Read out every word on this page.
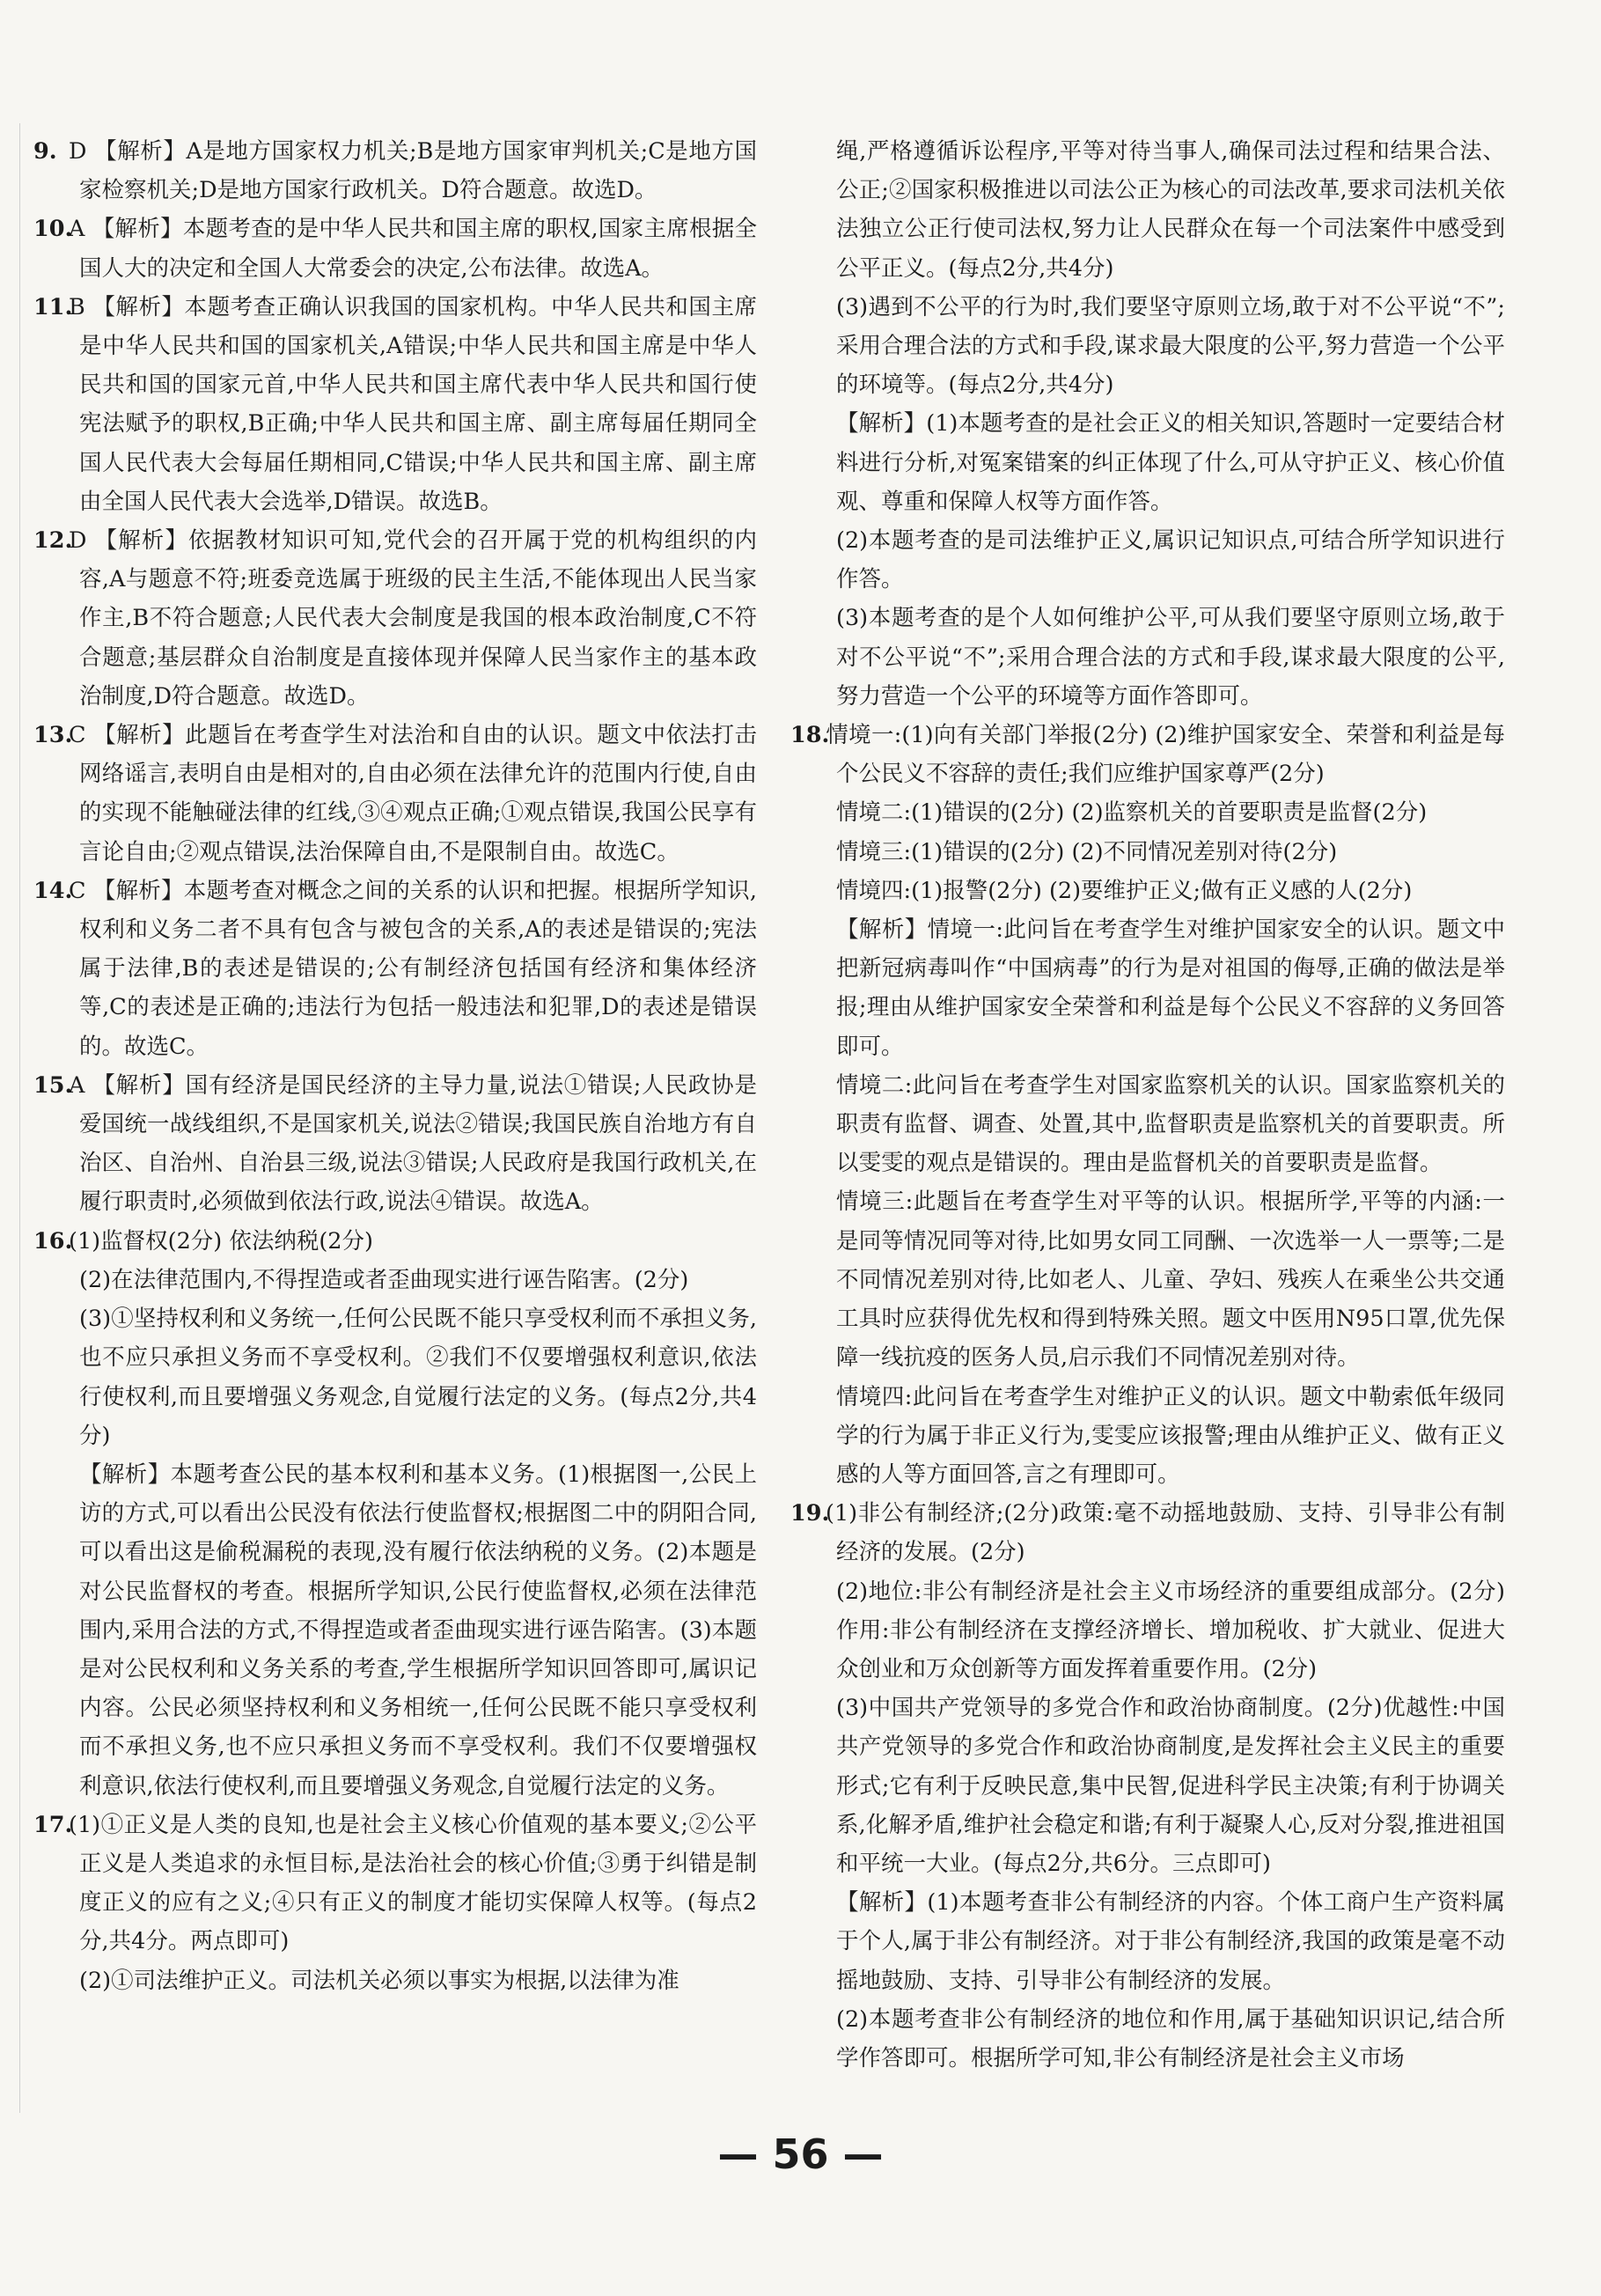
9. D 【解析】A是地方国家权力机关;B是地方国家审判机关;C是地方国家检察机关;D是地方国家行政机关。D符合题意。故选D。

10.A 【解析】本题考查的是中华人民共和国主席的职权,国家主席根据全国人大的决定和全国人大常委会的决定,公布法律。故选A。

11.B 【解析】本题考查正确认识我国的国家机构。中华人民共和国主席是中华人民共和国的国家机关,A错误;中华人民共和国主席是中华人民共和国的国家元首,中华人民共和国主席代表中华人民共和国行使宪法赋予的职权,B正确;中华人民共和国主席、副主席每届任期同全国人民代表大会每届任期相同,C错误;中华人民共和国主席、副主席由全国人民代表大会选举,D错误。故选B。

12.D 【解析】依据教材知识可知,党代会的召开属于党的机构组织的内容,A与题意不符;班委竞选属于班级的民主生活,不能体现出人民当家作主,B不符合题意;人民代表大会制度是我国的根本政治制度,C不符合题意;基层群众自治制度是直接体现并保障人民当家作主的基本政治制度,D符合题意。故选D。

13.C 【解析】此题旨在考查学生对法治和自由的认识。题文中依法打击网络谣言,表明自由是相对的,自由必须在法律允许的范围内行使,自由的实现不能触碰法律的红线,③④观点正确;①观点错误,我国公民享有言论自由;②观点错误,法治保障自由,不是限制自由。故选C。

14.C 【解析】本题考查对概念之间的关系的认识和把握。根据所学知识,权利和义务二者不具有包含与被包含的关系,A的表述是错误的;宪法属于法律,B的表述是错误的;公有制经济包括国有经济和集体经济等,C的表述是正确的;违法行为包括一般违法和犯罪,D的表述是错误的。故选C。

15.A 【解析】国有经济是国民经济的主导力量,说法①错误;人民政协是爱国统一战线组织,不是国家机关,说法②错误;我国民族自治地方有自治区、自治州、自治县三级,说法③错误;人民政府是我国行政机关,在履行职责时,必须做到依法行政,说法④错误。故选A。

16.(1)监督权(2分) 依法纳税(2分)

(2)在法律范围内,不得捏造或者歪曲现实进行诬告陷害。(2分)

(3)①坚持权利和义务统一,任何公民既不能只享受权利而不承担义务,也不应只承担义务而不享受权利。②我们不仅要增强权利意识,依法行使权利,而且要增强义务观念,自觉履行法定的义务。(每点2分,共4分)

【解析】本题考查公民的基本权利和基本义务。(1)根据图一,公民上访的方式,可以看出公民没有依法行使监督权;根据图二中的阴阳合同,可以看出这是偷税漏税的表现,没有履行依法纳税的义务。(2)本题是对公民监督权的考查。根据所学知识,公民行使监督权,必须在法律范围内,采用合法的方式,不得捏造或者歪曲现实进行诬告陷害。(3)本题是对公民权利和义务关系的考查,学生根据所学知识回答即可,属识记内容。公民必须坚持权利和义务相统一,任何公民既不能只享受权利而不承担义务,也不应只承担义务而不享受权利。我们不仅要增强权利意识,依法行使权利,而且要增强义务观念,自觉履行法定的义务。

17.(1)①正义是人类的良知,也是社会主义核心价值观的基本要义;②公平正义是人类追求的永恒目标,是法治社会的核心价值;③勇于纠错是制度正义的应有之义;④只有正义的制度才能切实保障人权等。(每点2分,共4分。两点即可)

(2)①司法维护正义。司法机关必须以事实为根据,以法律为准

绳,严格遵循诉讼程序,平等对待当事人,确保司法过程和结果合法、公正;②国家积极推进以司法公正为核心的司法改革,要求司法机关依法独立公正行使司法权,努力让人民群众在每一个司法案件中感受到公平正义。(每点2分,共4分)

(3)遇到不公平的行为时,我们要坚守原则立场,敢于对不公平说“不”;采用合理合法的方式和手段,谋求最大限度的公平,努力营造一个公平的环境等。(每点2分,共4分)

【解析】(1)本题考查的是社会正义的相关知识,答题时一定要结合材料进行分析,对冤案错案的纠正体现了什么,可从守护正义、核心价值观、尊重和保障人权等方面作答。

(2)本题考查的是司法维护正义,属识记知识点,可结合所学知识进行作答。

(3)本题考查的是个人如何维护公平,可从我们要坚守原则立场,敢于对不公平说“不”;采用合理合法的方式和手段,谋求最大限度的公平,努力营造一个公平的环境等方面作答即可。

18.情境一:(1)向有关部门举报(2分) (2)维护国家安全、荣誉和利益是每个公民义不容辞的责任;我们应维护国家尊严(2分)

情境二:(1)错误的(2分) (2)监察机关的首要职责是监督(2分)

情境三:(1)错误的(2分) (2)不同情况差别对待(2分)

情境四:(1)报警(2分) (2)要维护正义;做有正义感的人(2分)

【解析】情境一:此问旨在考查学生对维护国家安全的认识。题文中把新冠病毒叫作“中国病毒”的行为是对祖国的侮辱,正确的做法是举报;理由从维护国家安全荣誉和利益是每个公民义不容辞的义务回答即可。

情境二:此问旨在考查学生对国家监察机关的认识。国家监察机关的职责有监督、调查、处置,其中,监督职责是监察机关的首要职责。所以雯雯的观点是错误的。理由是监督机关的首要职责是监督。

情境三:此题旨在考查学生对平等的认识。根据所学,平等的内涵:一是同等情况同等对待,比如男女同工同酬、一次选举一人一票等;二是不同情况差别对待,比如老人、儿童、孕妇、残疾人在乘坐公共交通工具时应获得优先权和得到特殊关照。题文中医用N95口罩,优先保障一线抗疫的医务人员,启示我们不同情况差别对待。

情境四:此问旨在考查学生对维护正义的认识。题文中勒索低年级同学的行为属于非正义行为,雯雯应该报警;理由从维护正义、做有正义感的人等方面回答,言之有理即可。

19.(1)非公有制经济;(2分)政策:毫不动摇地鼓励、支持、引导非公有制经济的发展。(2分)

(2)地位:非公有制经济是社会主义市场经济的重要组成部分。(2分)作用:非公有制经济在支撑经济增长、增加税收、扩大就业、促进大众创业和万众创新等方面发挥着重要作用。(2分)

(3)中国共产党领导的多党合作和政治协商制度。(2分)优越性:中国共产党领导的多党合作和政治协商制度,是发挥社会主义民主的重要形式;它有利于反映民意,集中民智,促进科学民主决策;有利于协调关系,化解矛盾,维护社会稳定和谐;有利于凝聚人心,反对分裂,推进祖国和平统一大业。(每点2分,共6分。三点即可)

【解析】(1)本题考查非公有制经济的内容。个体工商户生产资料属于个人,属于非公有制经济。对于非公有制经济,我国的政策是毫不动摇地鼓励、支持、引导非公有制经济的发展。

(2)本题考查非公有制经济的地位和作用,属于基础知识识记,结合所学作答即可。根据所学可知,非公有制经济是社会主义市场

— 56 —
